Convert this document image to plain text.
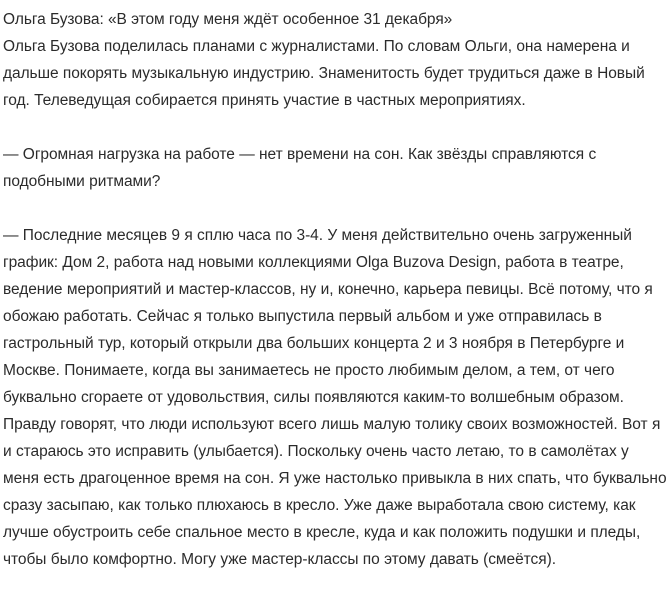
Ольга Бузова: «В этом году меня ждёт особенное 31 декабря»

Ольга Бузова поделилась планами с журналистами. По словам Ольги, она намерена и дальше покорять музыкальную индустрию. Знаменитость будет трудиться даже в Новый год. Телеведущая собирается принять участие в частных мероприятиях.

— Огромная нагрузка на работе — нет времени на сон. Как звёзды справляются с подобными ритмами?

— Последние месяцев 9 я сплю часа по 3-4. У меня действительно очень загруженный график: Дом 2, работа над новыми коллекциями Olga Buzova Design, работа в театре, ведение мероприятий и мастер-классов, ну и, конечно, карьера певицы. Всё потому, что я обожаю работать. Сейчас я только выпустила первый альбом и уже отправилась в гастрольный тур, который открыли два больших концерта 2 и 3 ноября в Петербурге и Москве. Понимаете, когда вы занимаетесь не просто любимым делом, а тем, от чего буквально сгораете от удовольствия, силы появляются каким-то волшебным образом. Правду говорят, что люди используют всего лишь малую толику своих возможностей. Вот я и стараюсь это исправить (улыбается). Поскольку очень часто летаю, то в самолётах у меня есть драгоценное время на сон. Я уже настолько привыкла в них спать, что буквально сразу засыпаю, как только плюхаюсь в кресло. Уже даже выработала свою систему, как лучше обустроить себе спальное место в кресле, куда и как положить подушки и пледы, чтобы было комфортно. Могу уже мастер-классы по этому давать (смеётся).
